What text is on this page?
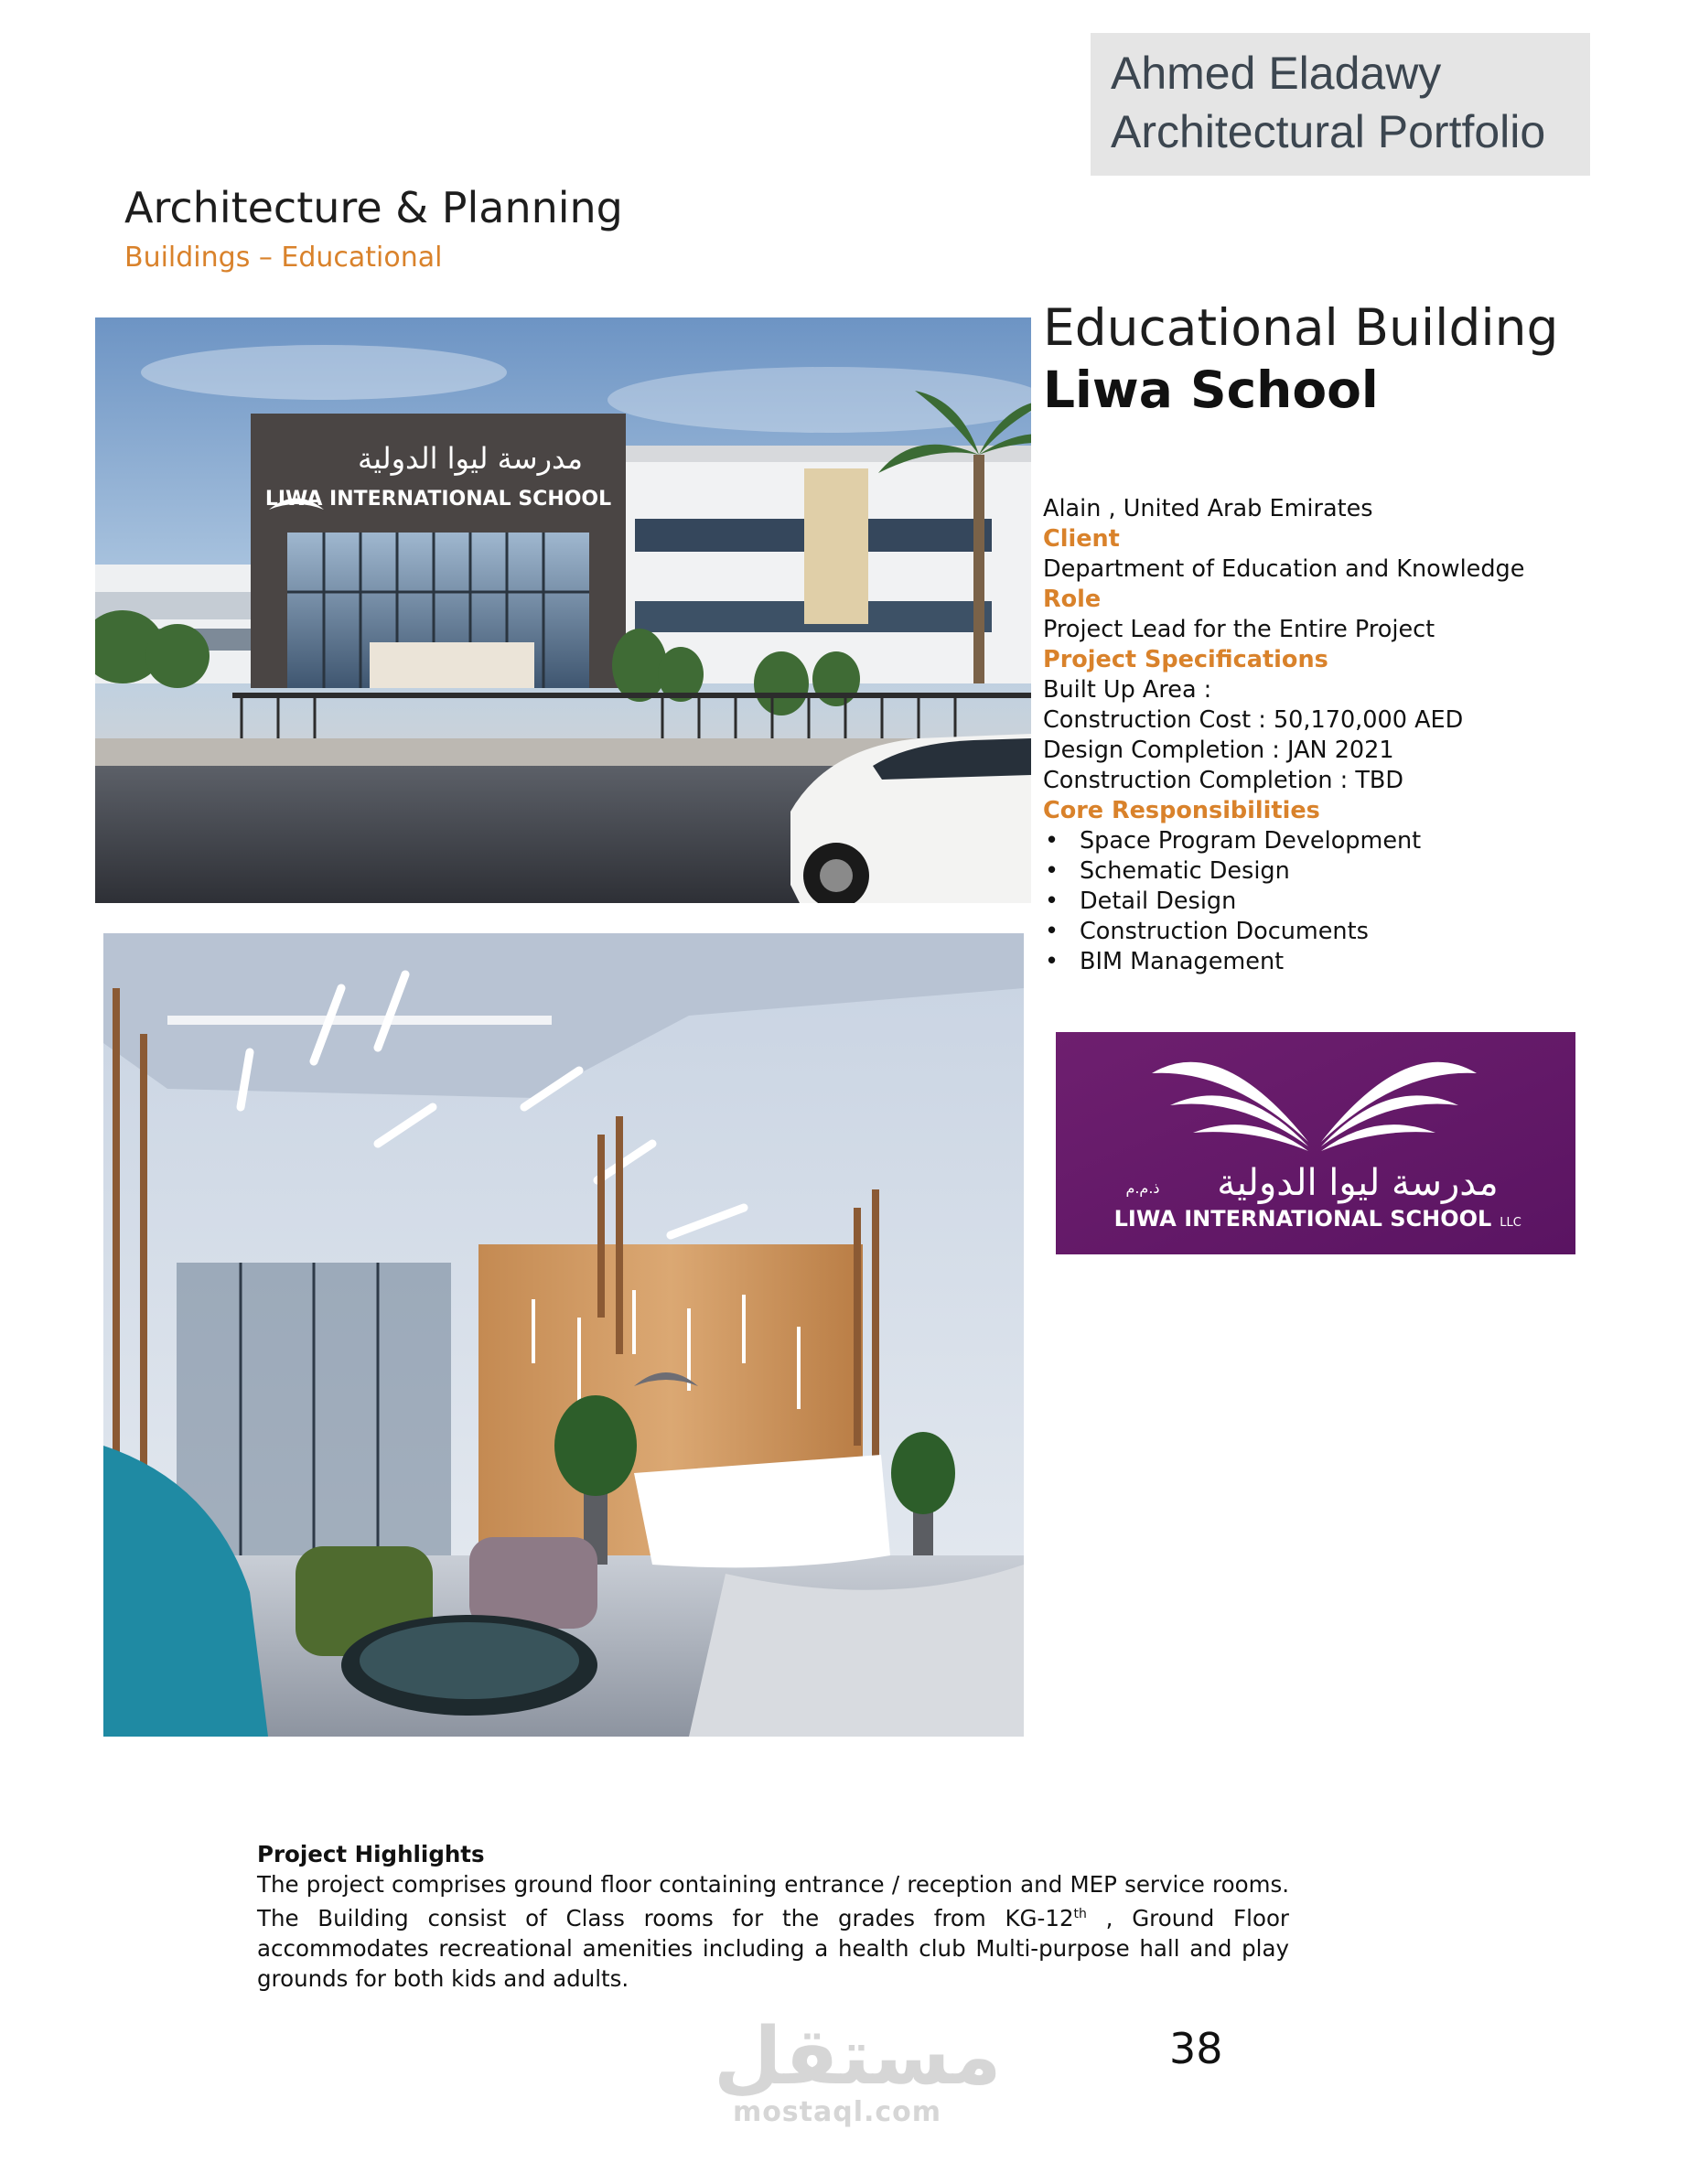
Ahmed Eladawy
Architectural Portfolio
Architecture & Planning
Buildings – Educational
مدرسة ليوا الدولية
LIWA INTERNATIONAL SCHOOL
Educational Building
Liwa School
Alain , United Arab Emirates
Client
Department of Education and Knowledge
Role
Project Lead for the Entire Project
Project Specifications
Built Up Area :
Construction Cost : 50,170,000 AED
Design Completion : JAN 2021
Construction Completion : TBD
Core Responsibilities
• Space Program Development
• Schematic Design
• Detail Design
• Construction Documents
• BIM Management
مدرسة ليوا الدولية
ذ.م.م
LIWA INTERNATIONAL SCHOOL LLC
Project Highlights
The project comprises ground floor containing entrance / reception and MEP service rooms. The Building consist of Class rooms for the grades from KG-12th , Ground Floor accommodates recreational amenities including a health club Multi-purpose hall and play grounds for both kids and adults.
مستقل
mostaql.com
38
